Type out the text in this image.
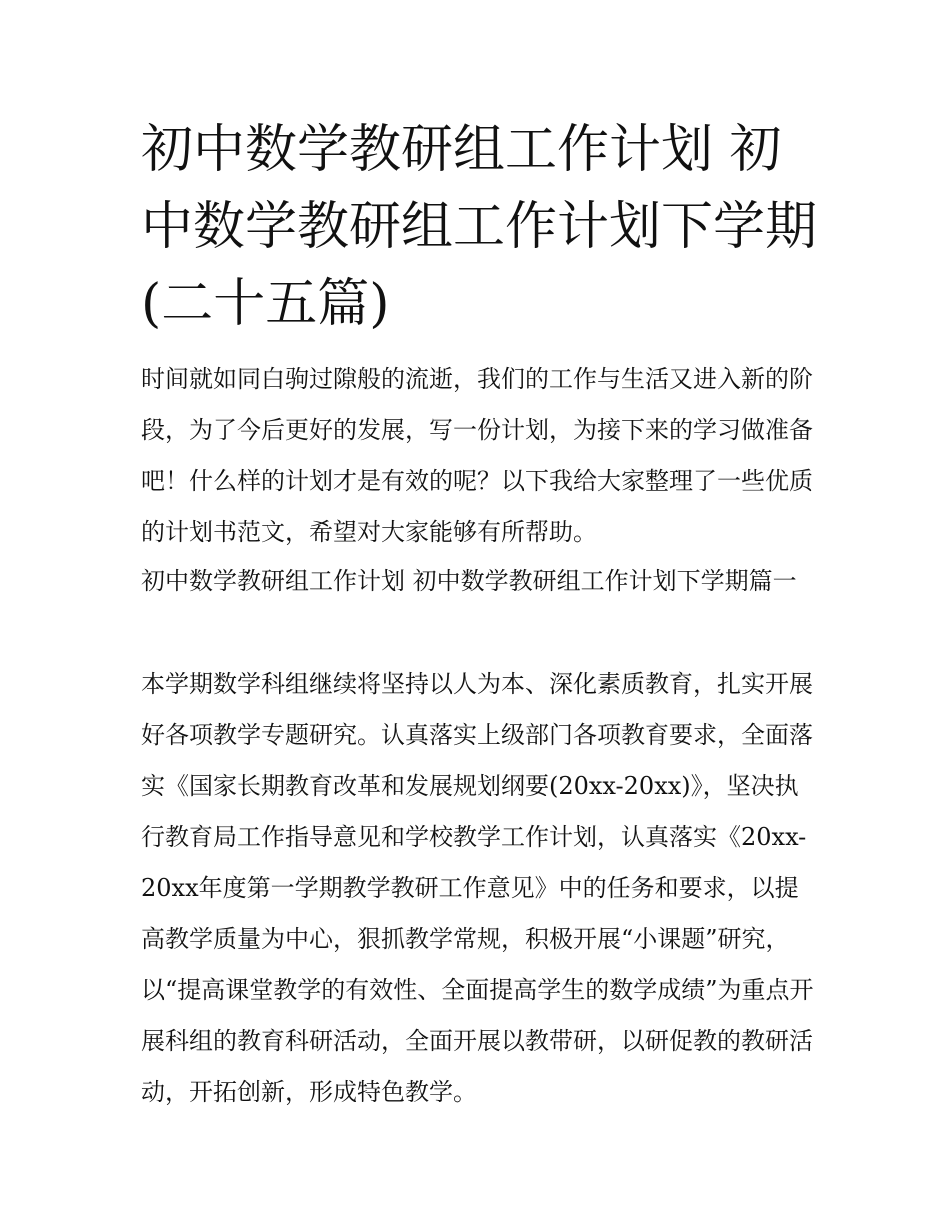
初中数学教研组工作计划 初中数学教研组工作计划下学期(二十五篇)

时间就如同白驹过隙般的流逝，我们的工作与生活又进入新的阶段，为了今后更好的发展，写一份计划，为接下来的学习做准备吧！什么样的计划才是有效的呢？以下我给大家整理了一些优质的计划书范文，希望对大家能够有所帮助。

初中数学教研组工作计划 初中数学教研组工作计划下学期篇一

本学期数学科组继续将坚持以人为本、深化素质教育，扎实开展好各项教学专题研究。认真落实上级部门各项教育要求，全面落实《国家长期教育改革和发展规划纲要(20xx-20xx)》，坚决执行教育局工作指导意见和学校教学工作计划，认真落实《20xx-20xx年度第一学期教学教研工作意见》中的任务和要求，以提高教学质量为中心，狠抓教学常规，积极开展“小课题”研究，以“提高课堂教学的有效性、全面提高学生的数学成绩”为重点开展科组的教育科研活动，全面开展以教带研，以研促教的教研活动，开拓创新，形成特色教学。
